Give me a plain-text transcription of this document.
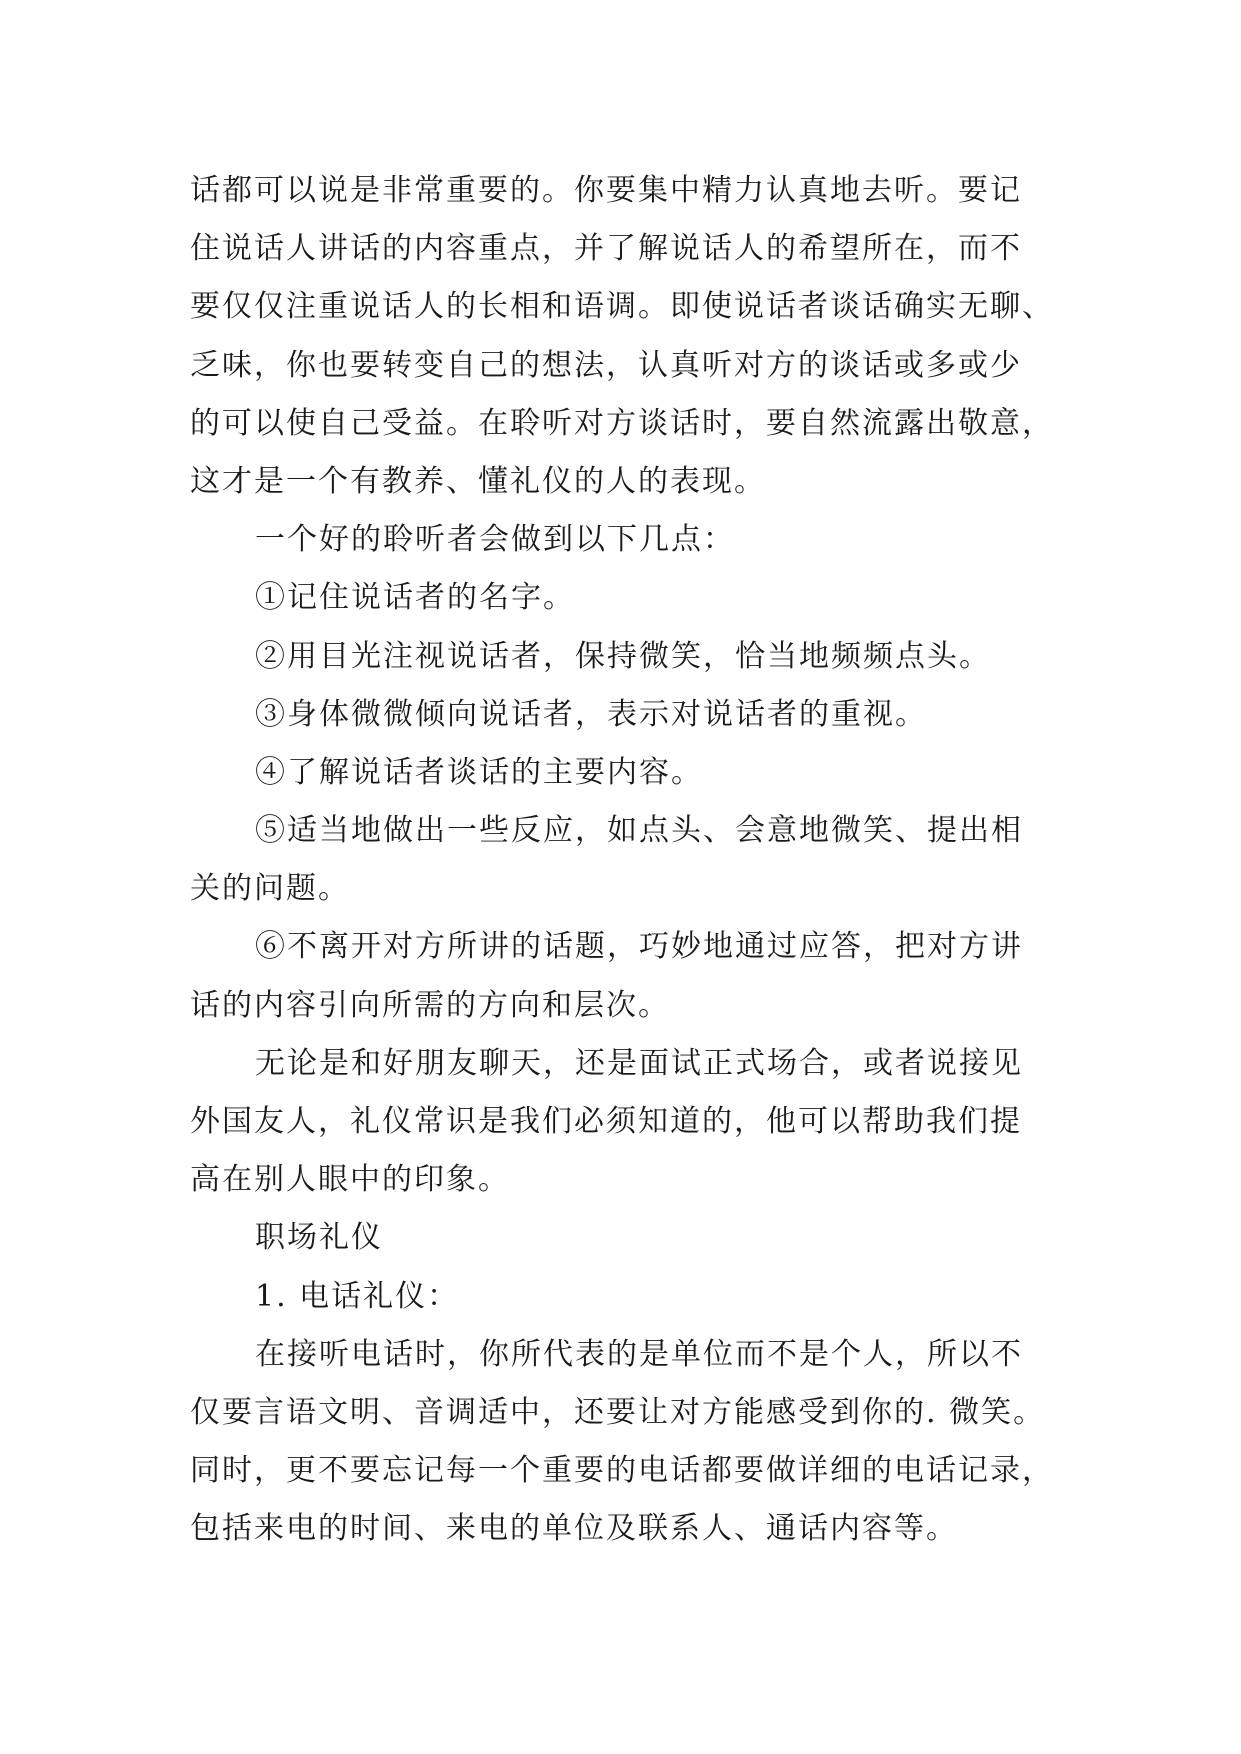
话都可以说是非常重要的。你要集中精力认真地去听。要记
住说话人讲话的内容重点，并了解说话人的希望所在，而不
要仅仅注重说话人的长相和语调。即使说话者谈话确实无聊、
乏味，你也要转变自己的想法，认真听对方的谈话或多或少
的可以使自己受益。在聆听对方谈话时，要自然流露出敬意，
这才是一个有教养、懂礼仪的人的表现。
一个好的聆听者会做到以下几点：
①记住说话者的名字。
②用目光注视说话者，保持微笑，恰当地频频点头。
③身体微微倾向说话者，表示对说话者的重视。
④了解说话者谈话的主要内容。
⑤适当地做出一些反应，如点头、会意地微笑、提出相
关的问题。
⑥不离开对方所讲的话题，巧妙地通过应答，把对方讲
话的内容引向所需的方向和层次。
无论是和好朋友聊天，还是面试正式场合，或者说接见
外国友人，礼仪常识是我们必须知道的，他可以帮助我们提
高在别人眼中的印象。
职场礼仪
1. 电话礼仪：
在接听电话时，你所代表的是单位而不是个人，所以不
仅要言语文明、音调适中，还要让对方能感受到你的. 微笑。
同时，更不要忘记每一个重要的电话都要做详细的电话记录，
包括来电的时间、来电的单位及联系人、通话内容等。
